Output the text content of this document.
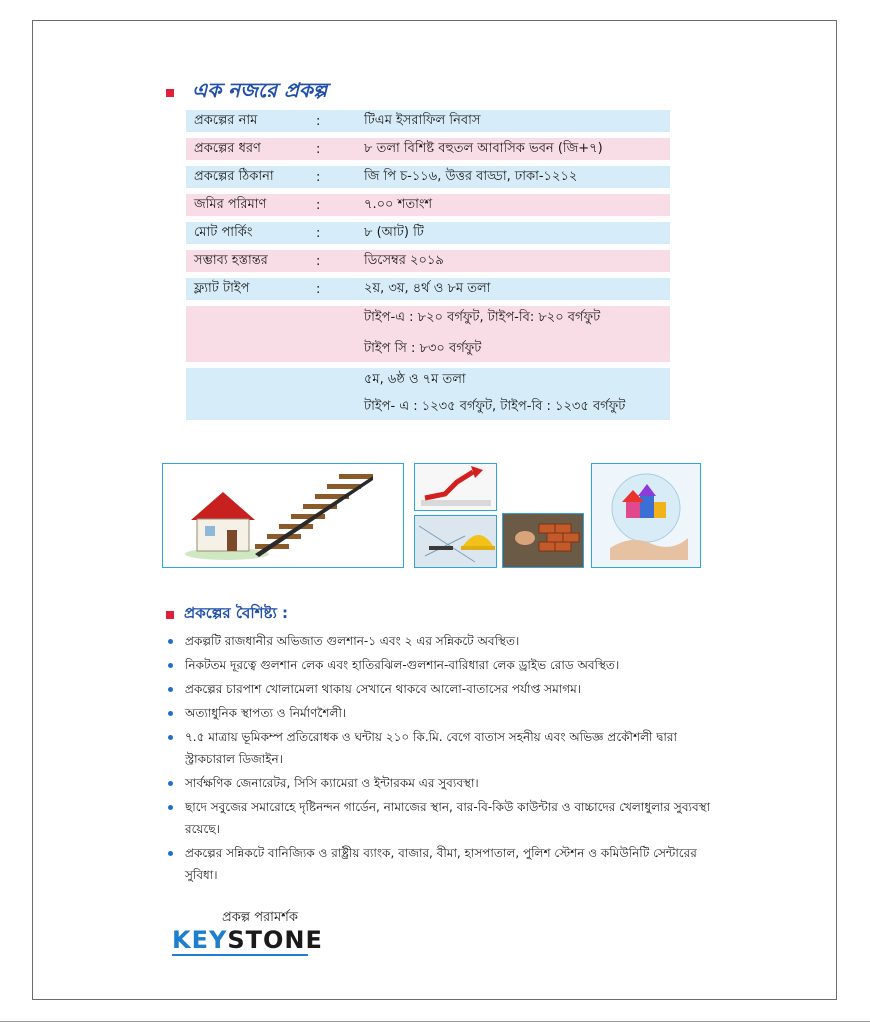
এক নজরে প্রকল্প
প্রকল্পের নাম	:	টিএম ইসরাফিল নিবাস
প্রকল্পের ধরণ	:	৮ তলা বিশিষ্ট বহুতল আবাসিক ভবন (জি+৭)
প্রকল্পের ঠিকানা	:	জি পি চ-১১৬, উত্তর বাড্ডা, ঢাকা-১২১২
জমির পরিমাণ	:	৭.০০ শতাংশ
মোট পার্কিং	:	৮ (আট) টি
সম্ভাব্য হস্তান্তর	:	ডিসেম্বর ২০১৯
ফ্ল্যাট টাইপ	:	২য়, ৩য়, ৪র্থ ও ৮ম তলা
টাইপ-এ : ৮২০ বর্গফুট, টাইপ-বি: ৮২০ বর্গফুট
টাইপ সি : ৮৩০ বর্গফুট
৫ম, ৬ষ্ঠ ও ৭ম তলা
টাইপ- এ : ১২৩৫ বর্গফুট, টাইপ-বি : ১২৩৫ বর্গফুট
প্রকল্পের বৈশিষ্ট্য :
প্রকল্পটি রাজধানীর অভিজাত গুলশান-১ এবং ২ এর সন্নিকটে অবস্থিত।
নিকটতম দূরত্বে গুলশান লেক এবং হাতিরঝিল-গুলশান-বারিধারা লেক ড্রাইভ রোড অবস্থিত।
প্রকল্পের চারপাশ খোলামেলা থাকায় সেখানে থাকবে আলো-বাতাসের পর্যাপ্ত সমাগম।
অত্যাধুনিক স্থাপত্য ও নির্মাণশৈলী।
৭.৫ মাত্রায় ভূমিকম্প প্রতিরোধক ও ঘন্টায় ২১০ কি.মি. বেগে বাতাস সহনীয় এবং অভিজ্ঞ প্রকৌশলী দ্বারা স্ট্রাকচারাল ডিজাইন।
সার্বক্ষণিক জেনারেটর, সিসি ক্যামেরা ও ইন্টারকম এর সুব্যবস্থা।
ছাদে সবুজের সমারোহে দৃষ্টিনন্দন গার্ডেন, নামাজের স্থান, বার-বি-কিউ কাউন্টার ও বাচ্চাদের খেলাধুলার সুব্যবস্থা রয়েছে।
প্রকল্পের সন্নিকটে বানিজ্যিক ও রাষ্ট্রীয় ব্যাংক, বাজার, বীমা, হাসপাতাল, পুলিশ স্টেশন ও কমিউনিটি সেন্টারের সুবিধা।
প্রকল্প পরামর্শক
KEYSTONE
